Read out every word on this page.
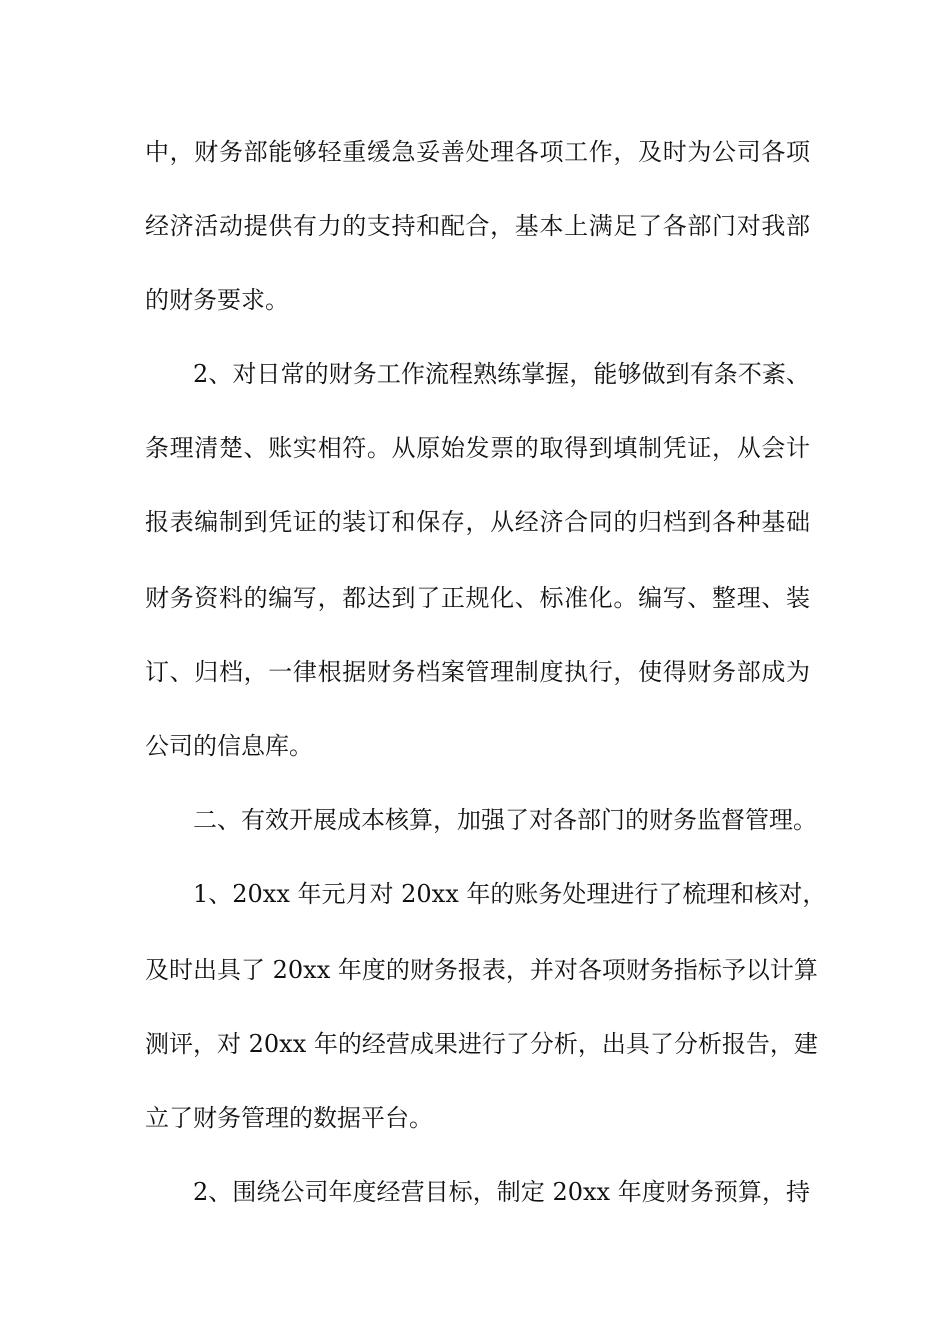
中，财务部能够轻重缓急妥善处理各项工作，及时为公司各项
经济活动提供有力的支持和配合，基本上满足了各部门对我部
的财务要求。
2、对日常的财务工作流程熟练掌握，能够做到有条不紊、
条理清楚、账实相符。从原始发票的取得到填制凭证，从会计
报表编制到凭证的装订和保存，从经济合同的归档到各种基础
财务资料的编写，都达到了正规化、标准化。编写、整理、装
订、归档，一律根据财务档案管理制度执行，使得财务部成为
公司的信息库。
二、有效开展成本核算，加强了对各部门的财务监督管理。
1、20xx 年元月对 20xx 年的账务处理进行了梳理和核对，
及时出具了 20xx 年度的财务报表，并对各项财务指标予以计算
测评，对 20xx 年的经营成果进行了分析，出具了分析报告，建
立了财务管理的数据平台。
2、围绕公司年度经营目标，制定 20xx 年度财务预算，持
